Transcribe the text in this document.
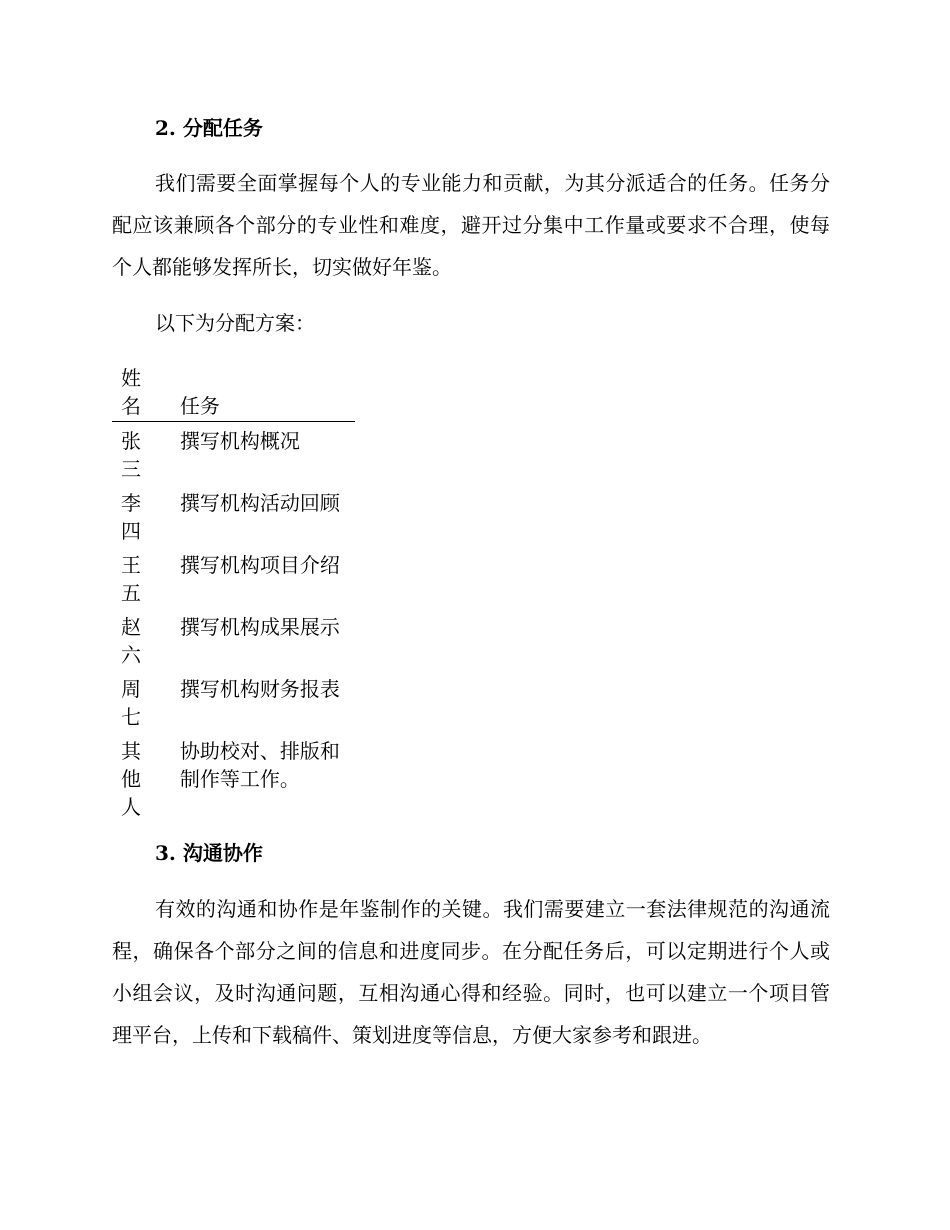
2. 分配任务
我们需要全面掌握每个人的专业能力和贡献，为其分派适合的任务。任务分配应该兼顾各个部分的专业性和难度，避开过分集中工作量或要求不合理，使每个人都能够发挥所长，切实做好年鉴。
以下为分配方案：
姓名	任务
张三	撰写机构概况
李四	撰写机构活动回顾
王五	撰写机构项目介绍
赵六	撰写机构成果展示
周七	撰写机构财务报表
其他人	协助校对、排版和制作等工作。
3. 沟通协作
有效的沟通和协作是年鉴制作的关键。我们需要建立一套法律规范的沟通流程，确保各个部分之间的信息和进度同步。在分配任务后，可以定期进行个人或小组会议，及时沟通问题，互相沟通心得和经验。同时，也可以建立一个项目管理平台，上传和下载稿件、策划进度等信息，方便大家参考和跟进。
